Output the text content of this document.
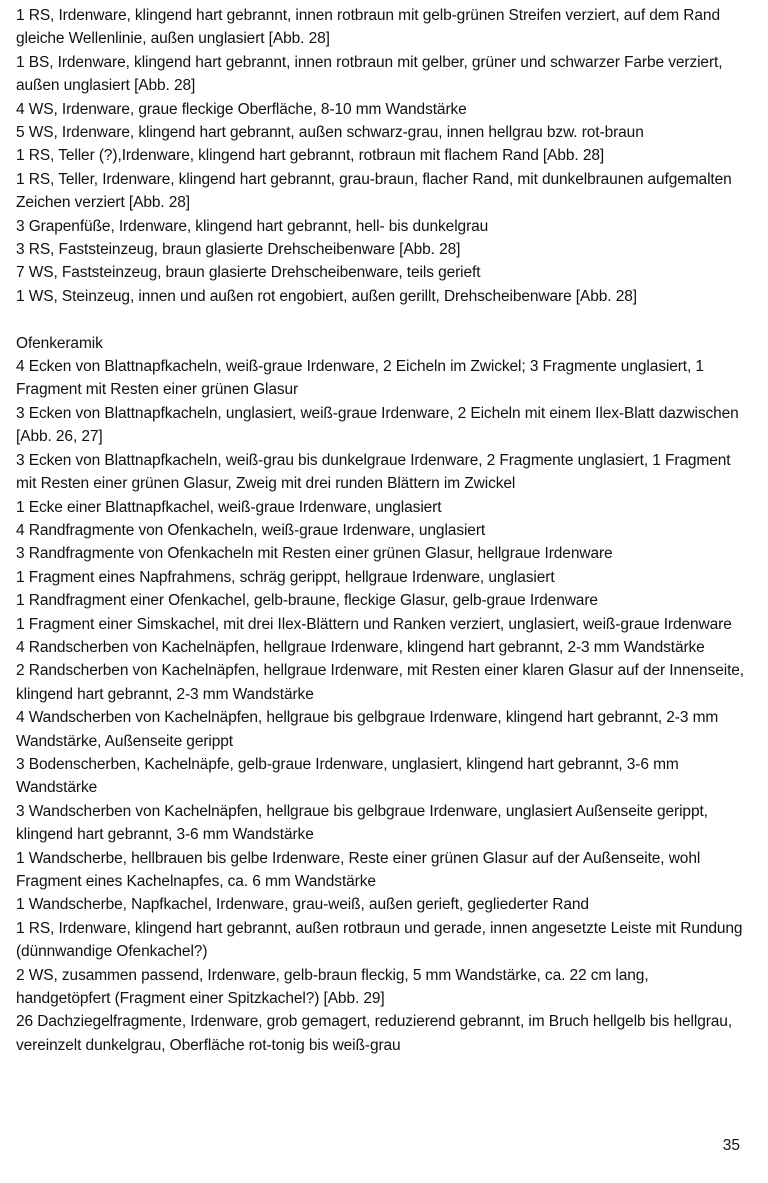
1 RS, Irdenware, klingend hart gebrannt, innen rotbraun mit gelb-grünen Streifen verziert, auf dem Rand gleiche Wellenlinie, außen unglasiert [Abb. 28]

1 BS, Irdenware, klingend hart gebrannt, innen rotbraun mit gelber, grüner und schwarzer Farbe verziert, außen unglasiert [Abb. 28]

4 WS, Irdenware, graue fleckige Oberfläche, 8-10 mm Wandstärke

5 WS, Irdenware, klingend hart gebrannt, außen schwarz-grau, innen hellgrau bzw. rot-braun

1 RS, Teller (?),Irdenware, klingend hart gebrannt, rotbraun mit flachem Rand [Abb. 28]

1 RS, Teller, Irdenware, klingend hart gebrannt, grau-braun, flacher Rand, mit dunkelbraunen aufgemalten Zeichen verziert [Abb. 28]

3 Grapenfüße, Irdenware, klingend hart gebrannt, hell- bis dunkelgrau

3 RS, Faststeinzeug, braun glasierte Drehscheibenware [Abb. 28]

7 WS, Faststeinzeug, braun glasierte Drehscheibenware, teils gerieft

1 WS, Steinzeug, innen und außen rot engobiert, außen gerillt, Drehscheibenware [Abb. 28]

Ofenkeramik

4 Ecken von Blattnapfkacheln, weiß-graue Irdenware, 2 Eicheln im Zwickel; 3 Fragmente unglasiert, 1 Fragment mit Resten einer grünen Glasur

3 Ecken von Blattnapfkacheln, unglasiert, weiß-graue Irdenware, 2 Eicheln mit einem Ilex-Blatt dazwischen [Abb. 26, 27]

3 Ecken von Blattnapfkacheln, weiß-grau bis dunkelgraue Irdenware, 2 Fragmente unglasiert, 1 Fragment mit Resten einer grünen Glasur, Zweig mit drei runden Blättern im Zwickel

1 Ecke einer Blattnapfkachel, weiß-graue Irdenware, unglasiert

4 Randfragmente von Ofenkacheln, weiß-graue Irdenware, unglasiert

3 Randfragmente von Ofenkacheln mit Resten einer grünen Glasur, hellgraue Irdenware

1 Fragment eines Napfrahmens, schräg gerippt, hellgraue Irdenware, unglasiert

1 Randfragment einer Ofenkachel, gelb-braune, fleckige Glasur, gelb-graue Irdenware

1 Fragment einer Simskachel, mit drei Ilex-Blättern und Ranken verziert, unglasiert, weiß-graue Irdenware

4 Randscherben von Kachelnäpfen, hellgraue Irdenware, klingend hart gebrannt, 2-3 mm Wandstärke

2 Randscherben von Kachelnäpfen, hellgraue Irdenware, mit Resten einer klaren Glasur auf der Innenseite, klingend hart gebrannt, 2-3 mm Wandstärke

4 Wandscherben von Kachelnäpfen, hellgraue bis gelbgraue Irdenware, klingend hart gebrannt, 2-3 mm Wandstärke, Außenseite gerippt

3 Bodenscherben, Kachelnäpfe, gelb-graue Irdenware, unglasiert, klingend hart gebrannt, 3-6 mm Wandstärke

3 Wandscherben von Kachelnäpfen, hellgraue bis gelbgraue Irdenware, unglasiert Außenseite gerippt, klingend hart gebrannt, 3-6 mm Wandstärke

1 Wandscherbe, hellbrauen bis gelbe Irdenware, Reste einer grünen Glasur auf der Außenseite, wohl Fragment eines Kachelnapfes, ca. 6 mm Wandstärke

1 Wandscherbe, Napfkachel, Irdenware, grau-weiß, außen gerieft, gegliederter Rand

1 RS, Irdenware, klingend hart gebrannt, außen rotbraun und gerade, innen angesetzte Leiste mit Rundung (dünnwandige Ofenkachel?)

2 WS, zusammen passend, Irdenware, gelb-braun fleckig, 5 mm Wandstärke, ca. 22 cm lang, handgetöpfert (Fragment einer Spitzkachel?) [Abb. 29]

26 Dachziegelfragmente, Irdenware, grob gemagert, reduzierend gebrannt, im Bruch hellgelb bis hellgrau, vereinzelt dunkelgrau, Oberfläche rot-tonig bis weiß-grau

35
